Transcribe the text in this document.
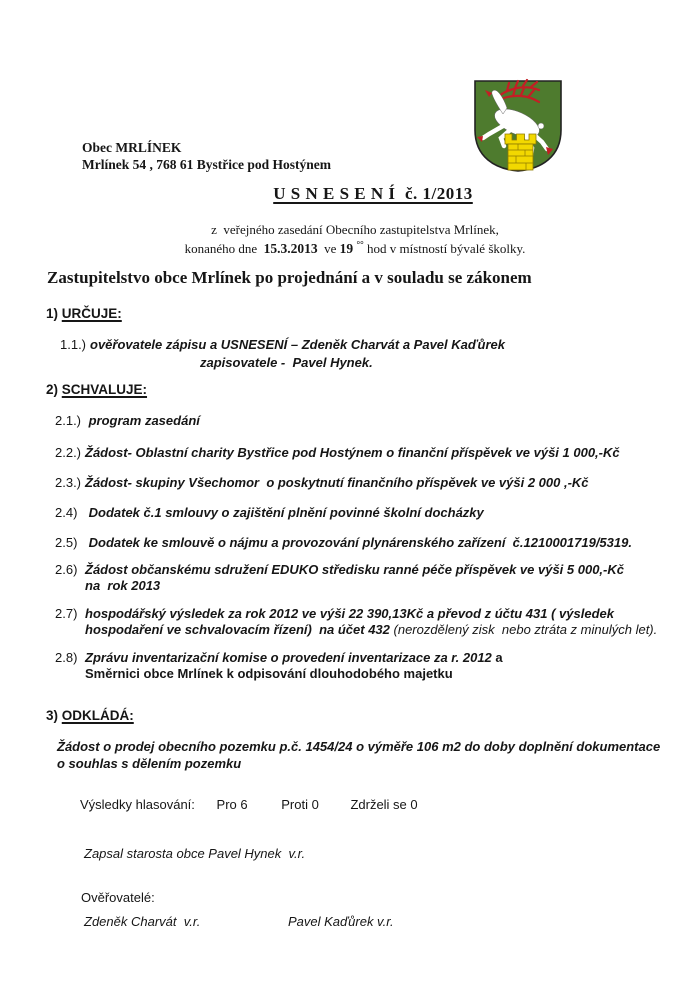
Obec MRLÍNEK
Mrlínek 54 , 768 61 Bystřice pod Hostýnem
U S N E S E N Í  č. 1/2013
z  veřejného zasedání Obecního zastupitelstva Mrlínek,
konaného dne  15.3.2013  ve 19 °° hod v místností bývalé školky.
Zastupitelstvo obce Mrlínek po projednání a v souladu se zákonem
1) URČUJE:
1.1.) ověřovatele zápisu a USNESENÍ – Zdeněk Charvát a Pavel Kaďůrek
zapisovatele -  Pavel Hynek.
2) SCHVALUJE:
2.1.) program zasedání
2.2.) Žádost- Oblastní charity Bystřice pod Hostýnem o finanční příspěvek ve výši 1 000,-Kč
2.3.) Žádost- skupiny Všechomor  o poskytnutí finančního příspěvek ve výši 2 000 ,-Kč
2.4) Dodatek č.1 smlouvy o zajištění plnění povinné školní docházky
2.5) Dodatek ke smlouvě o nájmu a provozování plynárenského zařízení  č.1210001719/5319.
2.6) Žádost občanskému sdružení EDUKO středisku ranné péče příspěvek ve výši 5 000,-Kč
na  rok 2013
2.7) hospodářský výsledek za rok 2012 ve výši 22 390,13Kč a převod z účtu 431 ( výsledek
hospodaření ve schvalovacím řízení)  na účet 432 (nerozdělený zisk  nebo ztráta z minulých let).
2.8) Zprávu inventarizační komise o provedení inventarizace za r. 2012 a
Směrnici obce Mrlínek k odpisování dlouhodobého majetku
3) ODKLÁDÁ:
Žádost o prodej obecního pozemku p.č. 1454/24 o výměře 106 m2 do doby doplnění dokumentace
o souhlas s dělením pozemku
Výsledky hlasování: Pro 6	Proti 0 Zdrželi se 0
Zapsal starosta obce Pavel Hynek  v.r.
Ověřovatelé:
Zdeněk Charvát  v.r.	Pavel Kaďůrek v.r.
